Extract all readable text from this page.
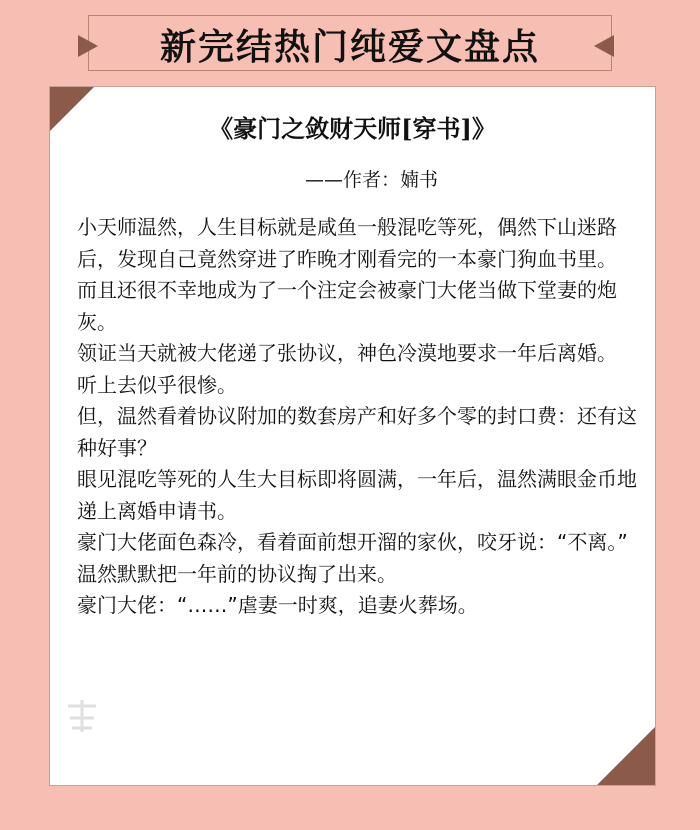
新完结热门纯爱文盘点
《豪门之敛财天师[穿书]》
——作者：婻书

小天师温然，人生目标就是咸鱼一般混吃等死，偶然下山迷路后，发现自己竟然穿进了昨晚才刚看完的一本豪门狗血书里。

而且还很不幸地成为了一个注定会被豪门大佬当做下堂妻的炮灰。

领证当天就被大佬递了张协议，神色冷漠地要求一年后离婚。

听上去似乎很惨。

但，温然看着协议附加的数套房产和好多个零的封口费：还有这种好事？

眼见混吃等死的人生大目标即将圆满，一年后，温然满眼金币地递上离婚申请书。

豪门大佬面色森冷，看着面前想开溜的家伙，咬牙说：“不离。”

温然默默把一年前的协议掏了出来。

豪门大佬：“……”虐妻一时爽，追妻火葬场。
